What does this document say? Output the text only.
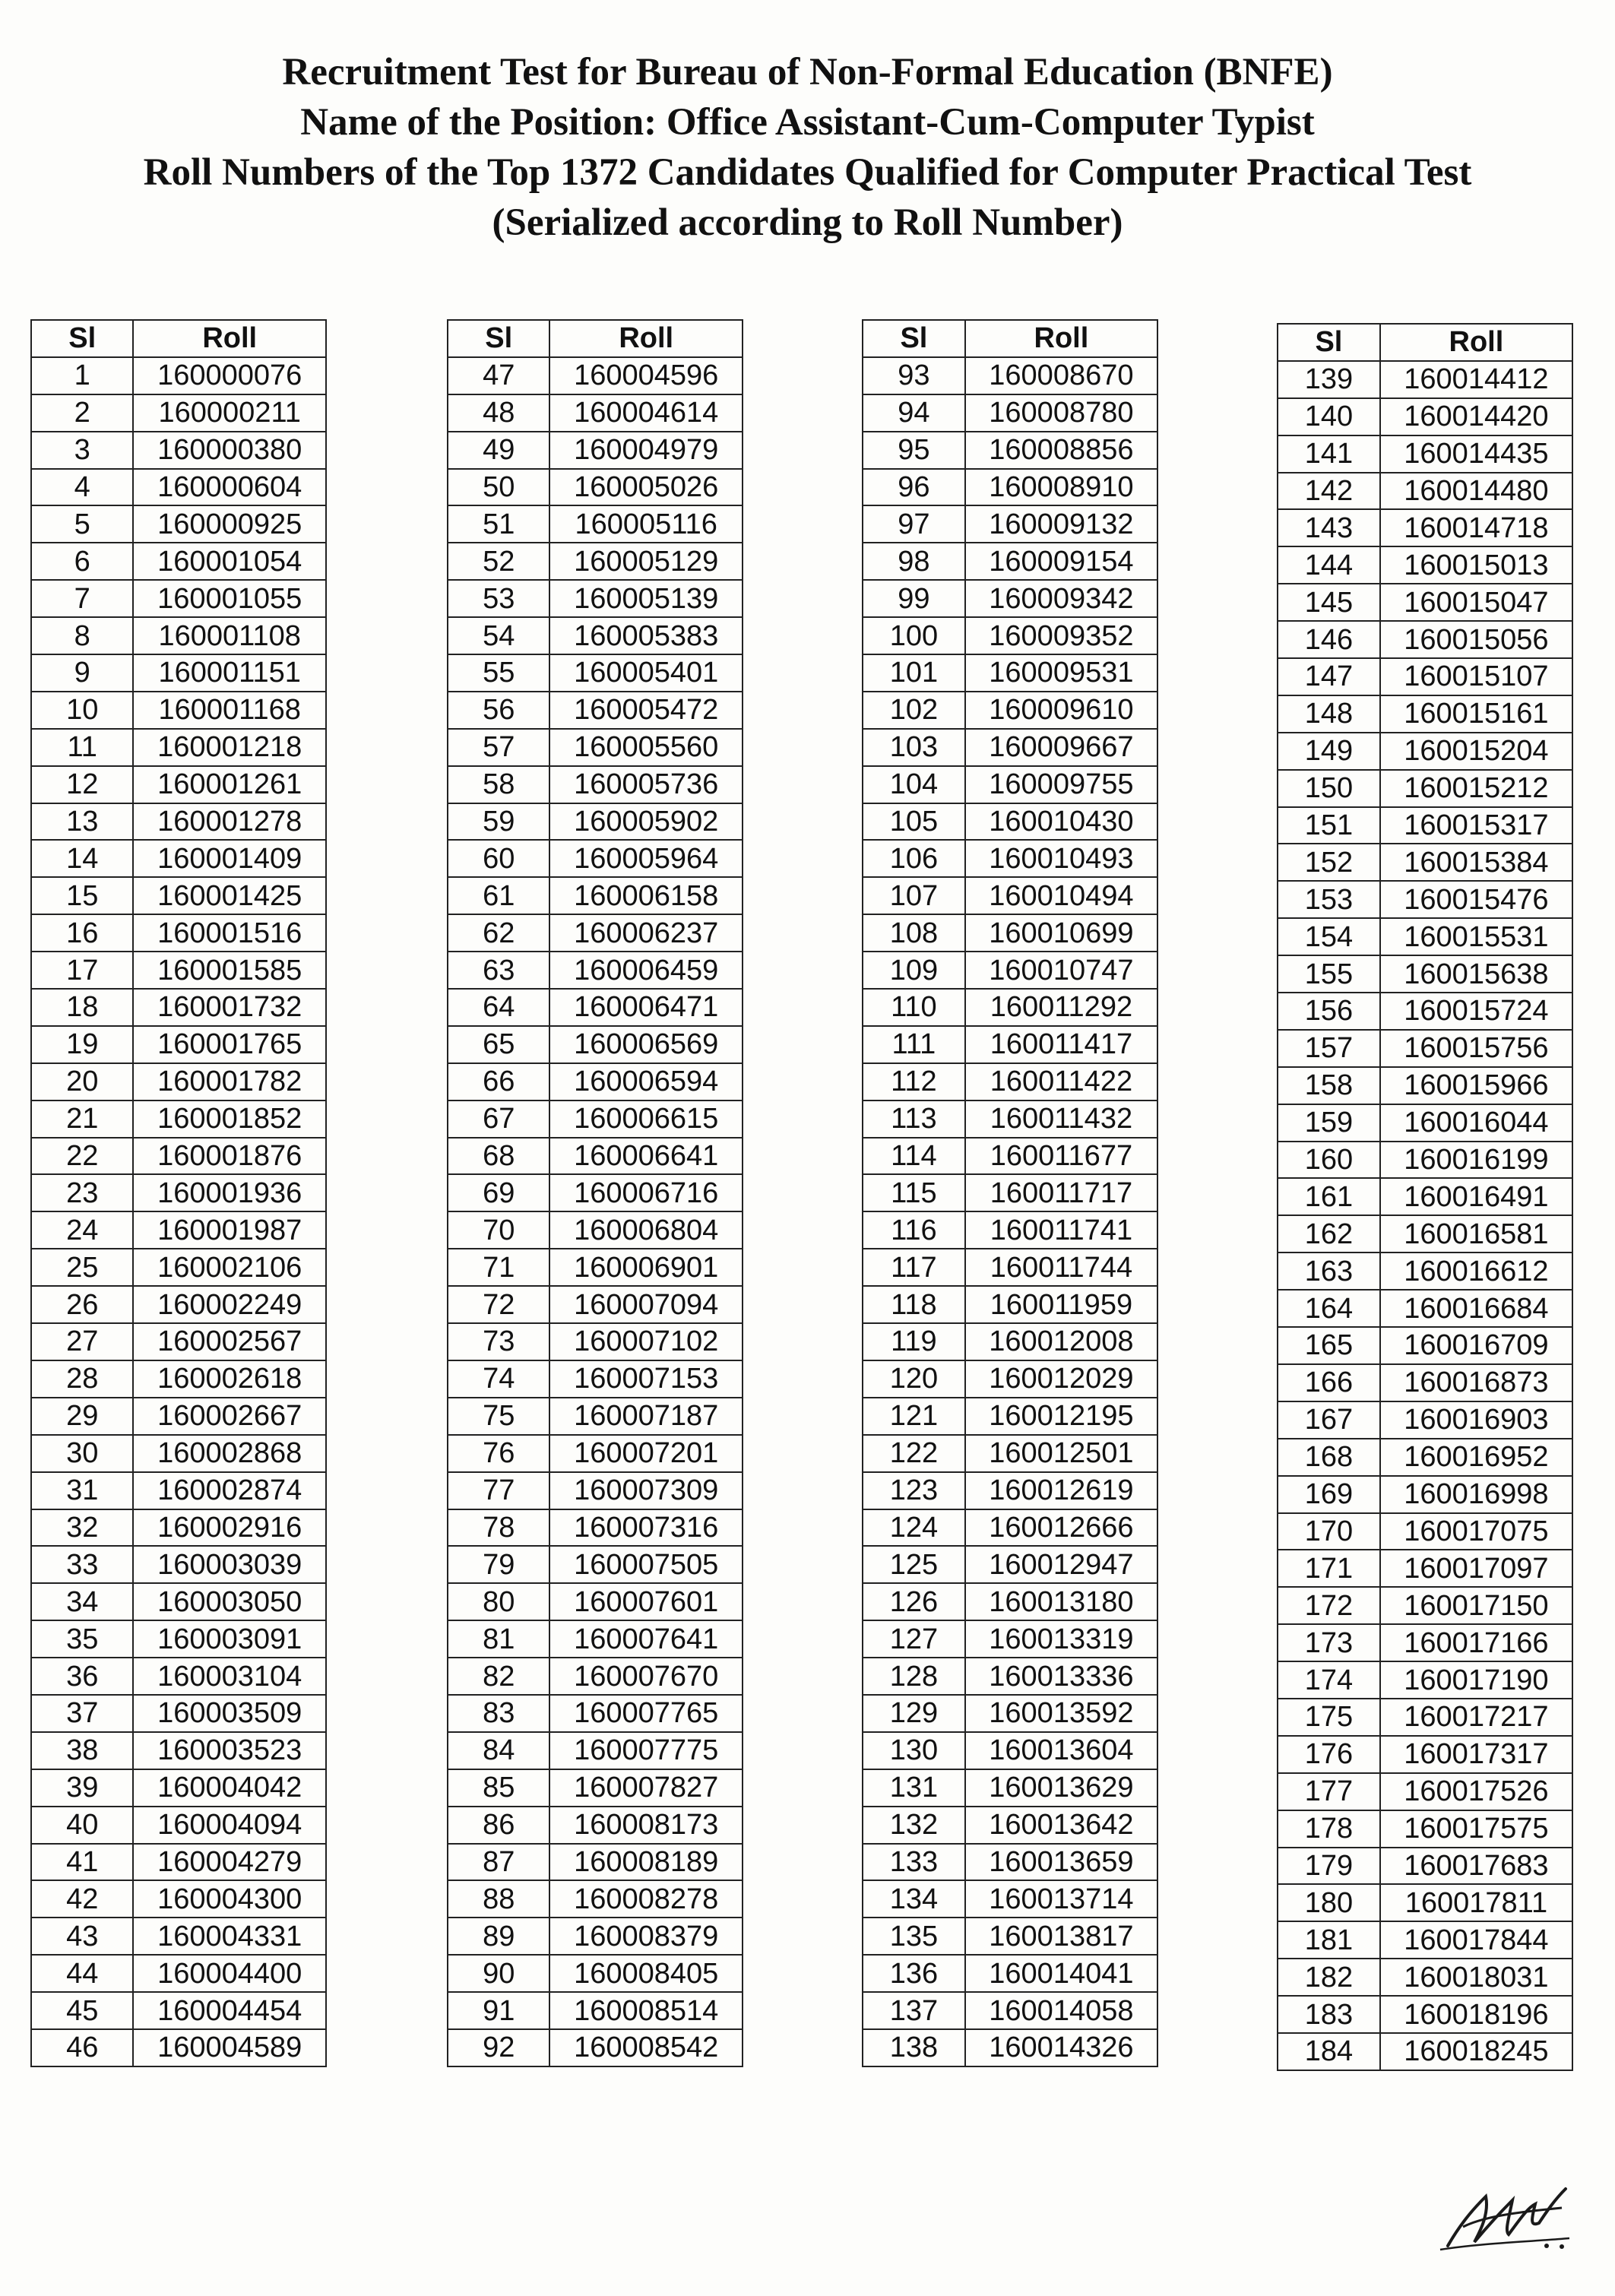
Recruitment Test for Bureau of Non-Formal Education (BNFE)
Name of the Position: Office Assistant-Cum-Computer Typist
Roll Numbers of the Top 1372 Candidates Qualified for Computer Practical Test
(Serialized according to Roll Number)
Sl	Roll
1	160000076
2	160000211
3	160000380
4	160000604
5	160000925
6	160001054
7	160001055
8	160001108
9	160001151
10	160001168
11	160001218
12	160001261
13	160001278
14	160001409
15	160001425
16	160001516
17	160001585
18	160001732
19	160001765
20	160001782
21	160001852
22	160001876
23	160001936
24	160001987
25	160002106
26	160002249
27	160002567
28	160002618
29	160002667
30	160002868
31	160002874
32	160002916
33	160003039
34	160003050
35	160003091
36	160003104
37	160003509
38	160003523
39	160004042
40	160004094
41	160004279
42	160004300
43	160004331
44	160004400
45	160004454
46	160004589
Sl	Roll
47	160004596
48	160004614
49	160004979
50	160005026
51	160005116
52	160005129
53	160005139
54	160005383
55	160005401
56	160005472
57	160005560
58	160005736
59	160005902
60	160005964
61	160006158
62	160006237
63	160006459
64	160006471
65	160006569
66	160006594
67	160006615
68	160006641
69	160006716
70	160006804
71	160006901
72	160007094
73	160007102
74	160007153
75	160007187
76	160007201
77	160007309
78	160007316
79	160007505
80	160007601
81	160007641
82	160007670
83	160007765
84	160007775
85	160007827
86	160008173
87	160008189
88	160008278
89	160008379
90	160008405
91	160008514
92	160008542
Sl	Roll
93	160008670
94	160008780
95	160008856
96	160008910
97	160009132
98	160009154
99	160009342
100	160009352
101	160009531
102	160009610
103	160009667
104	160009755
105	160010430
106	160010493
107	160010494
108	160010699
109	160010747
110	160011292
111	160011417
112	160011422
113	160011432
114	160011677
115	160011717
116	160011741
117	160011744
118	160011959
119	160012008
120	160012029
121	160012195
122	160012501
123	160012619
124	160012666
125	160012947
126	160013180
127	160013319
128	160013336
129	160013592
130	160013604
131	160013629
132	160013642
133	160013659
134	160013714
135	160013817
136	160014041
137	160014058
138	160014326
Sl	Roll
139	160014412
140	160014420
141	160014435
142	160014480
143	160014718
144	160015013
145	160015047
146	160015056
147	160015107
148	160015161
149	160015204
150	160015212
151	160015317
152	160015384
153	160015476
154	160015531
155	160015638
156	160015724
157	160015756
158	160015966
159	160016044
160	160016199
161	160016491
162	160016581
163	160016612
164	160016684
165	160016709
166	160016873
167	160016903
168	160016952
169	160016998
170	160017075
171	160017097
172	160017150
173	160017166
174	160017190
175	160017217
176	160017317
177	160017526
178	160017575
179	160017683
180	160017811
181	160017844
182	160018031
183	160018196
184	160018245
